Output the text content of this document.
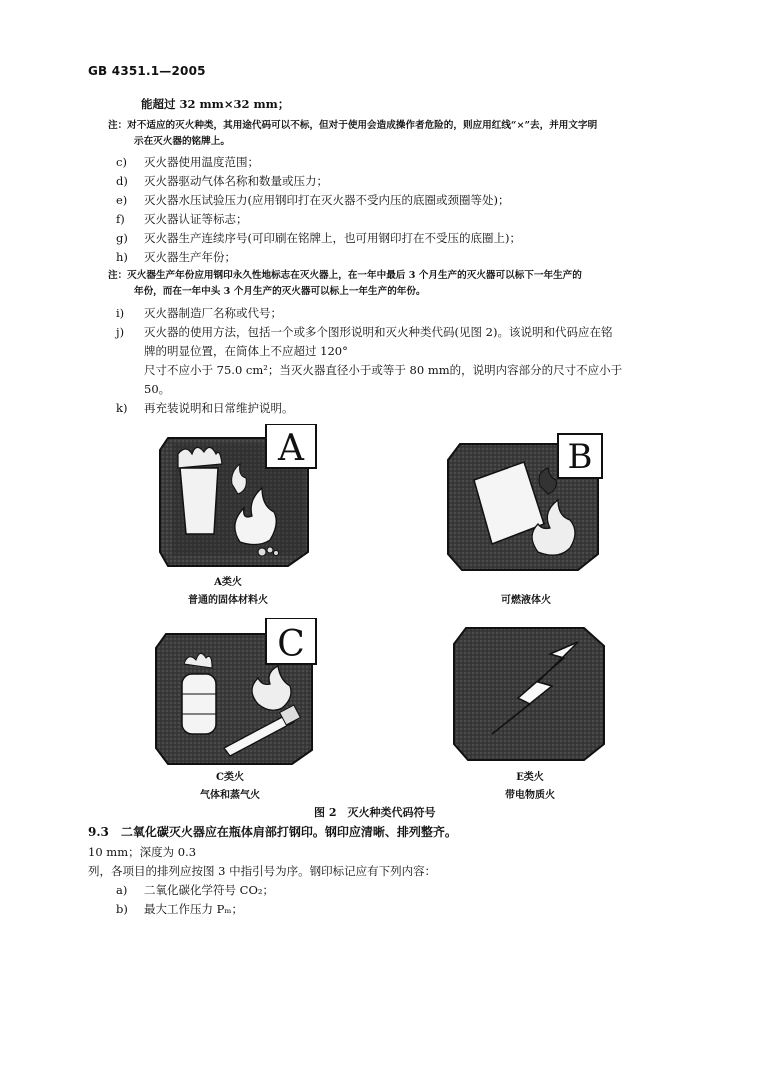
GB 4351.1—2005
能超过 32 mm×32 mm；
注：对不适应的灭火种类，其用途代码可以不标，但对于使用会造成操作者危险的，则应用红线“×”去，并用文字明
示在灭火器的铭牌上。
c) 灭火器使用温度范围；
d) 灭火器驱动气体名称和数量或压力；
e) 灭火器水压试验压力(应用钢印打在灭火器不受内压的底圈或颈圈等处)；
f) 灭火器认证等标志；
g) 灭火器生产连续序号(可印刷在铭牌上，也可用钢印打在不受压的底圈上)；
h) 灭火器生产年份；
注：灭火器生产年份应用钢印永久性地标志在灭火器上，在一年中最后 3 个月生产的灭火器可以标下一年生产的
年份，而在一年中头 3 个月生产的灭火器可以标上一年生产的年份。
i) 灭火器制造厂名称或代号；
j) 灭火器的使用方法，包括一个或多个图形说明和灭火种类代码(见图 2)。该说明和代码应在铭
牌的明显位置，在筒体上不应超过 120°
尺寸不应小于 75.0 cm²；当灭火器直径小于或等于 80 mm的，说明内容部分的尺寸不应小于
50。
k) 再充装说明和日常维护说明。
A
A类火
普通的固体材料火
B
可燃液体火
C
C类火
气体和蒸气火
E类火
带电物质火
图 2　灭火种类代码符号
9.3　二氧化碳灭火器应在瓶体肩部打钢印。钢印应清晰、排列整齐。
10 mm；深度为 0.3
列，各项目的排列应按图 3 中指引号为序。钢印标记应有下列内容：
a) 二氧化碳化学符号 CO₂；
b) 最大工作压力 Pₘ；
